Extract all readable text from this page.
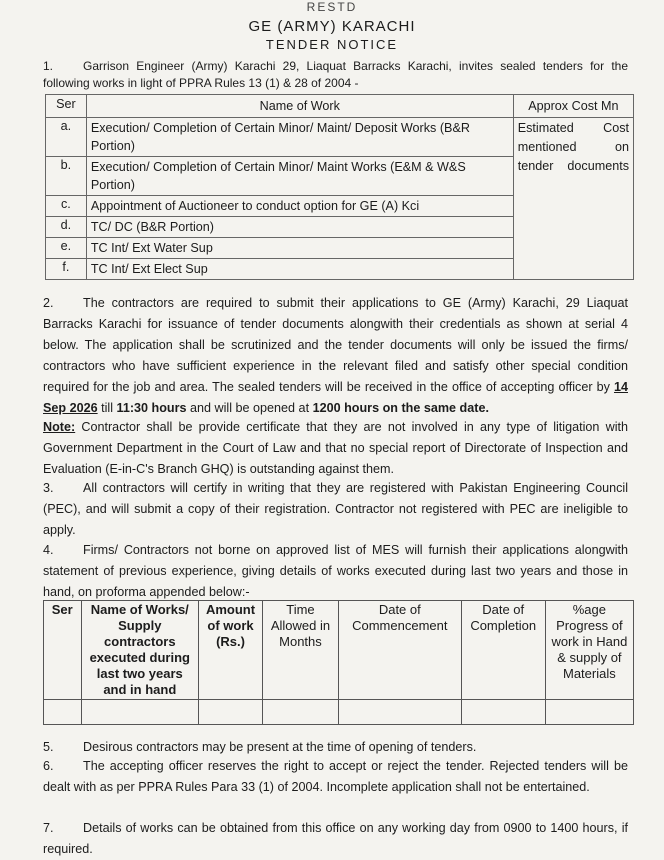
RESTD

GE (ARMY) KARACHI

TENDER NOTICE

1. Garrison Engineer (Army) Karachi 29, Liaquat Barracks Karachi, invites sealed tenders for the following works in light of PPRA Rules 13 (1) & 28 of 2004 -

Ser	Name of Work	Approx Cost Mn
a.	Execution/ Completion of Certain Minor/ Maint/ Deposit Works (B&R Portion)	Estimated Cost
mentioned on
tender documents

b.	Execution/ Completion of Certain Minor/ Maint Works (E&M & W&S Portion)	
c.	Appointment of Auctioneer to conduct option for GE (A) Kci	
d.	TC/ DC (B&R Portion)	
e.	TC Int/ Ext Water Sup	
f.	TC Int/ Ext Elect Sup	

2. The contractors are required to submit their applications to GE (Army) Karachi, 29 Liaquat Barracks Karachi for issuance of tender documents alongwith their credentials as shown at serial 4 below. The application shall be scrutinized and the tender documents will only be issued the firms/ contractors who have sufficient experience in the relevant filed and satisfy other special condition required for the job and area. The sealed tenders will be received in the office of accepting officer by 14 Sep 2026 till 11:30 hours and will be opened at 1200 hours on the same date.

Note: Contractor shall be provide certificate that they are not involved in any type of litigation with Government Department in the Court of Law and that no special report of Directorate of Inspection and Evaluation (E-in-C's Branch GHQ) is outstanding against them.

3. All contractors will certify in writing that they are registered with Pakistan Engineering Council (PEC), and will submit a copy of their registration. Contractor not registered with PEC are ineligible to apply.

4. Firms/ Contractors not borne on approved list of MES will furnish their applications alongwith statement of previous experience, giving details of works executed during last two years and those in hand, on proforma appended below:-

Ser	Name of Works/ Supply contractors executed during last two years and in hand	Amount of work (Rs.)	Time Allowed in Months	Date of Commencement	Date of Completion	%age Progress of work in Hand & supply of Materials

5. Desirous contractors may be present at the time of opening of tenders.

6. The accepting officer reserves the right to accept or reject the tender. Rejected tenders will be dealt with as per PPRA Rules Para 33 (1) of 2004. Incomplete application shall not be entertained.

7. Details of works can be obtained from this office on any working day from 0900 to 1400 hours, if required.
